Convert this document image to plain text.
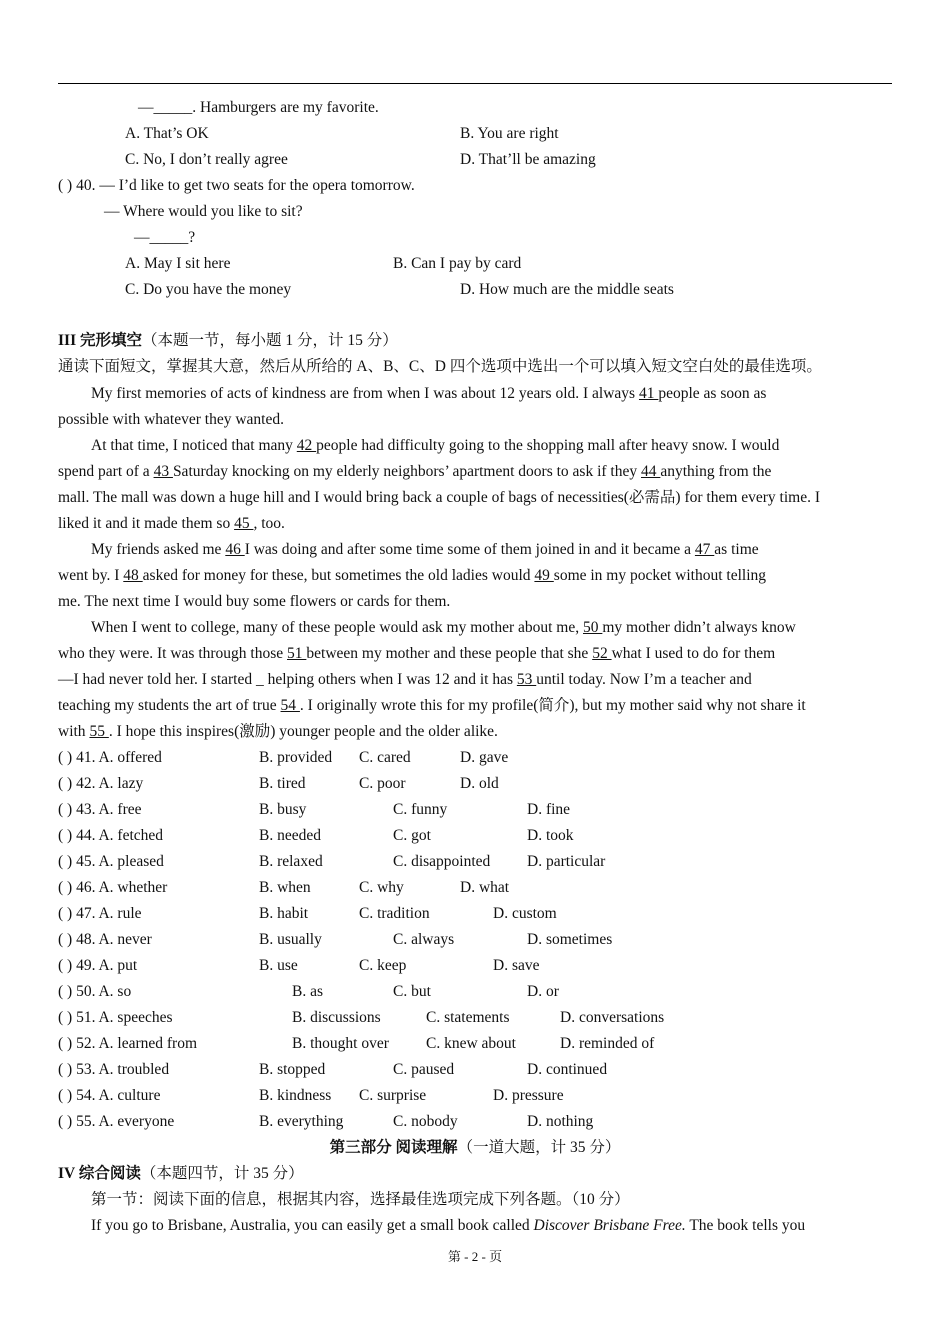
—_____. Hamburgers are my favorite.
A. That’s OK	B. You are right
C. No, I don’t really agree	D. That’ll be amazing
( ) 40. — I’d like to get two seats for the opera tomorrow.
— Where would you like to sit?
—_____?
A. May I sit here	B. Can I pay by card
C. Do you have the money	D. How much are the middle seats
III 完形填空（本题一节，每小题 1 分，计 15 分）
通读下面短文，掌握其大意，然后从所给的 A、B、C、D 四个选项中选出一个可以填入短文空白处的最佳选项。
My first memories of acts of kindness are from when I was about 12 years old. I always 41 people as soon as
possible with whatever they wanted.
At that time, I noticed that many 42 people had difficulty going to the shopping mall after heavy snow. I would
spend part of a 43 Saturday knocking on my elderly neighbors’ apartment doors to ask if they 44 anything from the
mall. The mall was down a huge hill and I would bring back a couple of bags of necessities(必需品) for them every time. I
liked it and it made them so 45 , too.
My friends asked me 46 I was doing and after some time some of them joined in and it became a 47 as time
went by. I 48 asked for money for these, but sometimes the old ladies would 49 some in my pocket without telling
me. The next time I would buy some flowers or cards for them.
When I went to college, many of these people would ask my mother about me, 50 my mother didn’t always know
who they were. It was through those 51 between my mother and these people that she 52 what I used to do for them
—I had never told her. I started _ helping others when I was 12 and it has 53 until today. Now I’m a teacher and
teaching my students the art of true 54 . I originally wrote this for my profile(简介), but my mother said why not share it
with 55 . I hope this inspires(激励) younger people and the older alike.
( ) 41. A. offered	B. provided C. cared	D. gave
( ) 42. A. lazy	B. tired	C. poor	D. old
( ) 43. A. free	B. busy	C. funny	D. fine
( ) 44. A. fetched	B. needed	C. got	D. took
( ) 45. A. pleased	B. relaxed	C. disappointed D. particular
( ) 46. A. whether	B. when	C. why	D. what
( ) 47. A. rule	B. habit	C. tradition	D. custom
( ) 48. A. never	B. usually	C. always	D. sometimes
( ) 49. A. put	B. use	C. keep	D. save
( ) 50. A. so	B. as	C. but	D. or
( ) 51. A. speeches	B. discussions	C. statements	D. conversations
( ) 52. A. learned from	B. thought over C. knew about	D. reminded of
( ) 53. A. troubled	B. stopped	C. paused	D. continued
( ) 54. A. culture	B. kindness C. surprise	D. pressure
( ) 55. A. everyone	B. everything	C. nobody	D. nothing
第三部分 阅读理解（一道大题，计 35 分）
IV 综合阅读（本题四节，计 35 分）
第一节：阅读下面的信息，根据其内容，选择最佳选项完成下列各题。（10 分）
If you go to Brisbane, Australia, you can easily get a small book called Discover Brisbane Free. The book tells you
第 - 2 - 页
